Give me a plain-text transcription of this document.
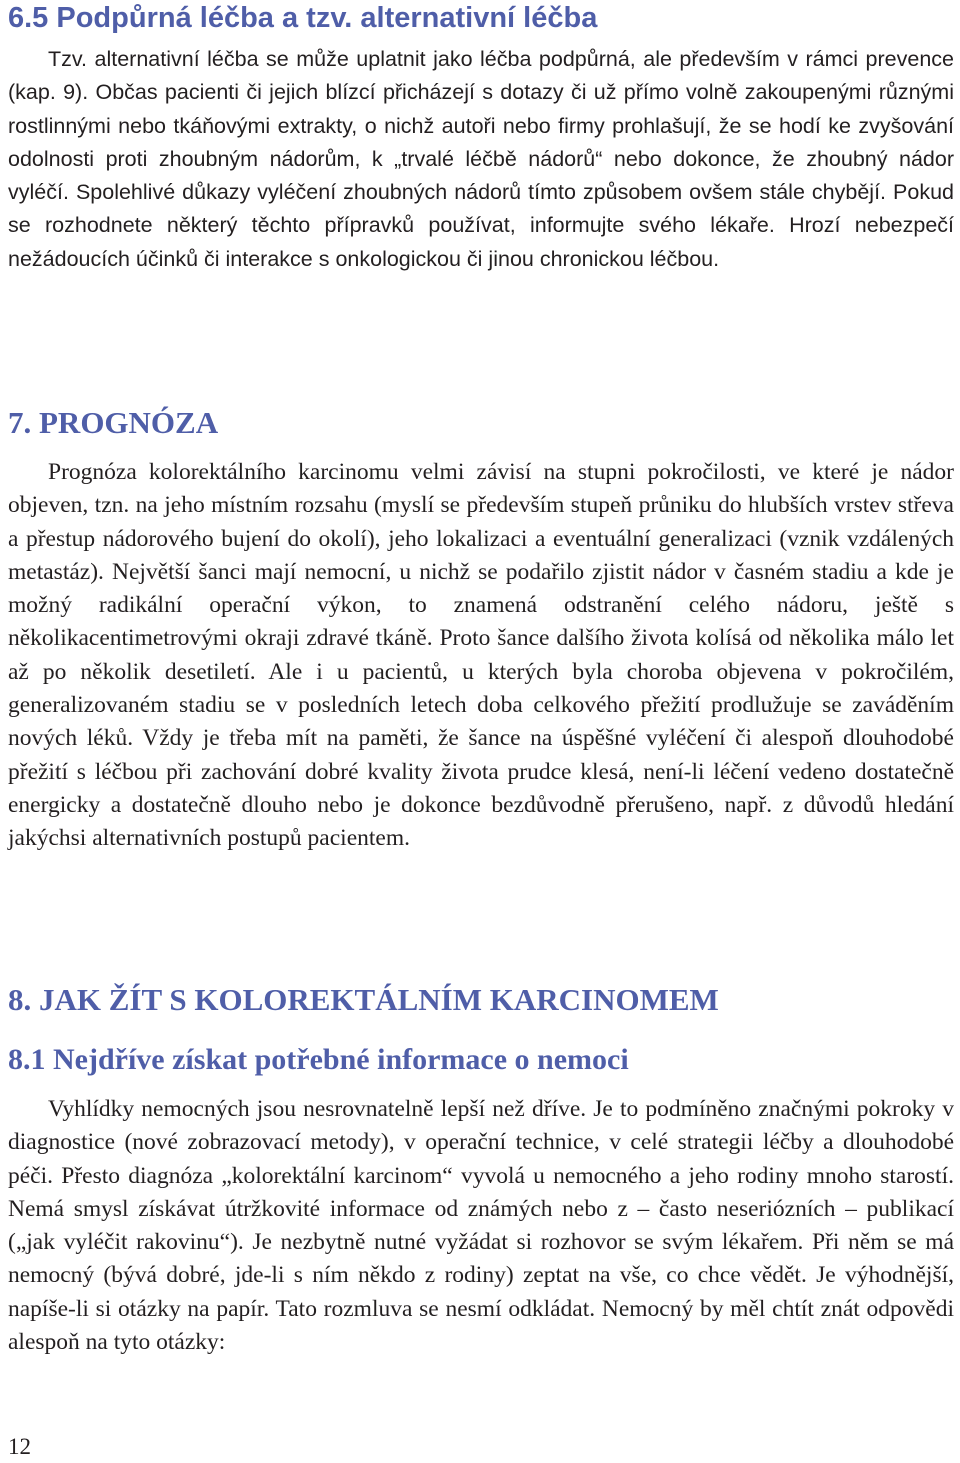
6.5 Podpůrná léčba a tzv. alternativní léčba

Tzv. alternativní léčba se může uplatnit jako léčba podpůrná, ale především v rámci prevence (kap. 9). Občas pacienti či jejich blízcí přicházejí s dotazy či už přímo volně zakoupenými různými rostlinnými nebo tkáňovými extrakty, o nichž autoři nebo firmy prohlašují, že se hodí ke zvyšování odolnosti proti zhoubným nádorům, k „trvalé léčbě nádorů“ nebo dokonce, že zhoubný nádor vyléčí. Spolehlivé důkazy vyléčení zhoubných nádorů tímto způsobem ovšem stále chybějí. Pokud se rozhodnete některý těchto přípravků používat, informujte svého lékaře. Hrozí nebezpečí nežádoucích účinků či interakce s onkologickou či jinou chronickou léčbou.

7. PROGNÓZA

Prognóza kolorektálního karcinomu velmi závisí na stupni pokročilosti, ve které je nádor objeven, tzn. na jeho místním rozsahu (myslí se především stupeň průniku do hlubších vrstev střeva a přestup nádorového bujení do okolí), jeho lokalizaci a eventuální generalizaci (vznik vzdálených metastáz). Největší šanci mají nemocní, u nichž se podařilo zjistit nádor v časném stadiu a kde je možný radikální operační výkon, to znamená odstranění celého nádoru, ještě s několikacentimetrovými okraji zdravé tkáně. Proto šance dalšího života kolísá od několika málo let až po několik desetiletí. Ale i u pacientů, u kterých byla choroba objevena v pokročilém, generalizovaném stadiu se v posledních letech doba celkového přežití prodlužuje se zaváděním nových léků. Vždy je třeba mít na paměti, že šance na úspěšné vyléčení či alespoň dlouhodobé přežití s léčbou při zachování dobré kvality života prudce klesá, není-li léčení vedeno dostatečně energicky a dostatečně dlouho nebo je dokonce bezdůvodně přerušeno, např. z důvodů hledání jakýchsi alternativních postupů pacientem.

8. JAK ŽÍT S KOLOREKTÁLNÍM KARCINOMEM
8.1 Nejdříve získat potřebné informace o nemoci

Vyhlídky nemocných jsou nesrovnatelně lepší než dříve. Je to podmíněno značnými pokroky v diagnostice (nové zobrazovací metody), v operační technice, v celé strategii léčby a dlouhodobé péči. Přesto diagnóza „kolorektální karcinom“ vyvolá u nemocného a jeho rodiny mnoho starostí. Nemá smysl získávat útržkovité informace od známých nebo z – často neseriózních – publikací („jak vyléčit rakovinu“). Je nezbytně nutné vyžádat si rozhovor se svým lékařem. Při něm se má nemocný (bývá dobré, jde-li s ním někdo z rodiny) zeptat na vše, co chce vědět. Je výhodnější, napíše-li si otázky na papír. Tato rozmluva se nesmí odkládat. Nemocný by měl chtít znát odpovědi alespoň na tyto otázky:

12
